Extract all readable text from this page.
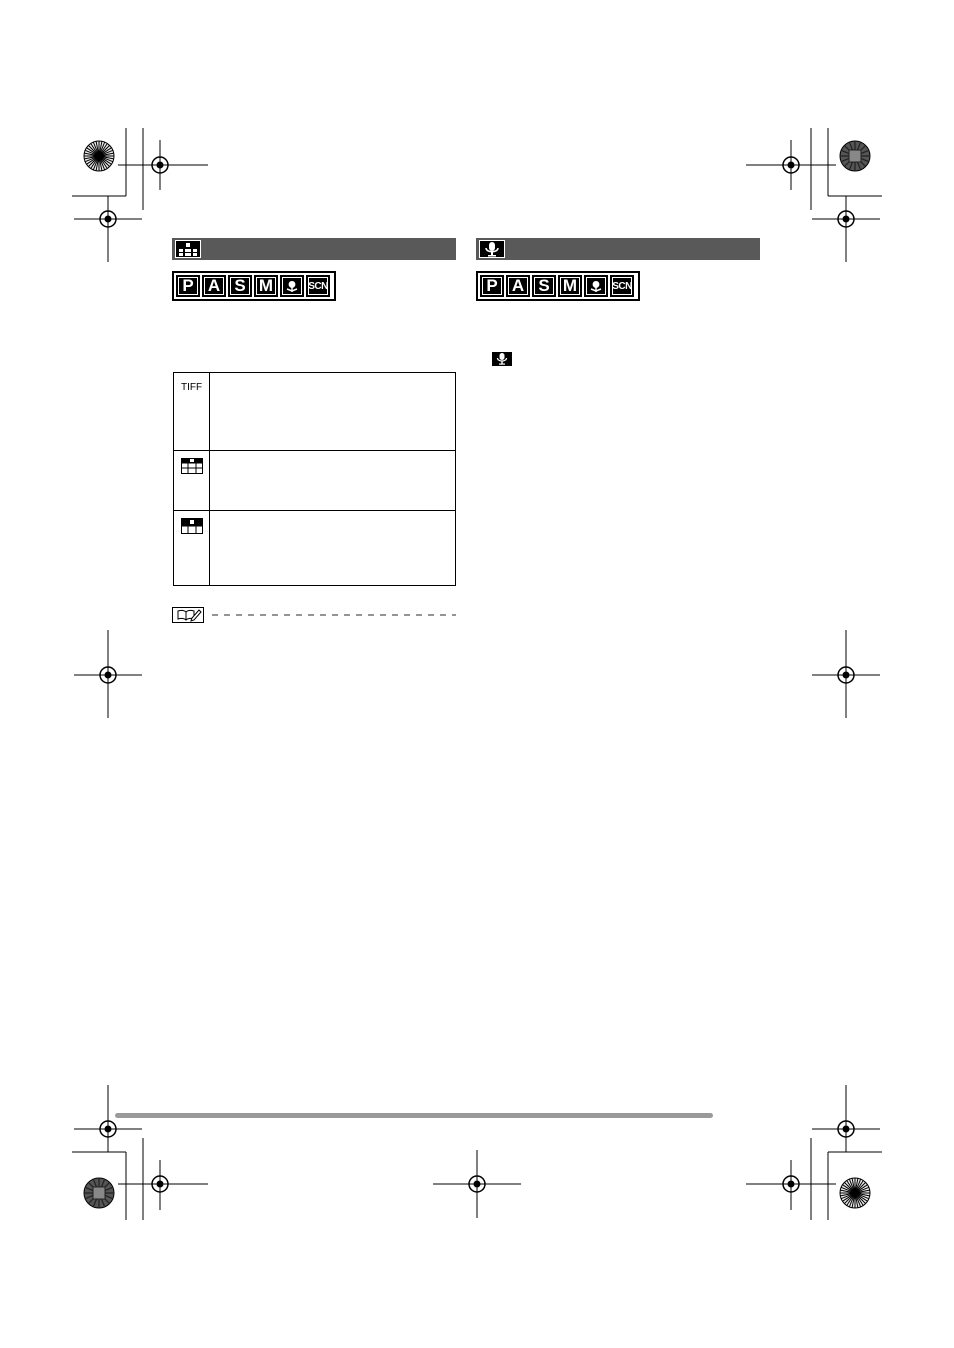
P A S M	SCN
TIFF
P A S M	SCN
